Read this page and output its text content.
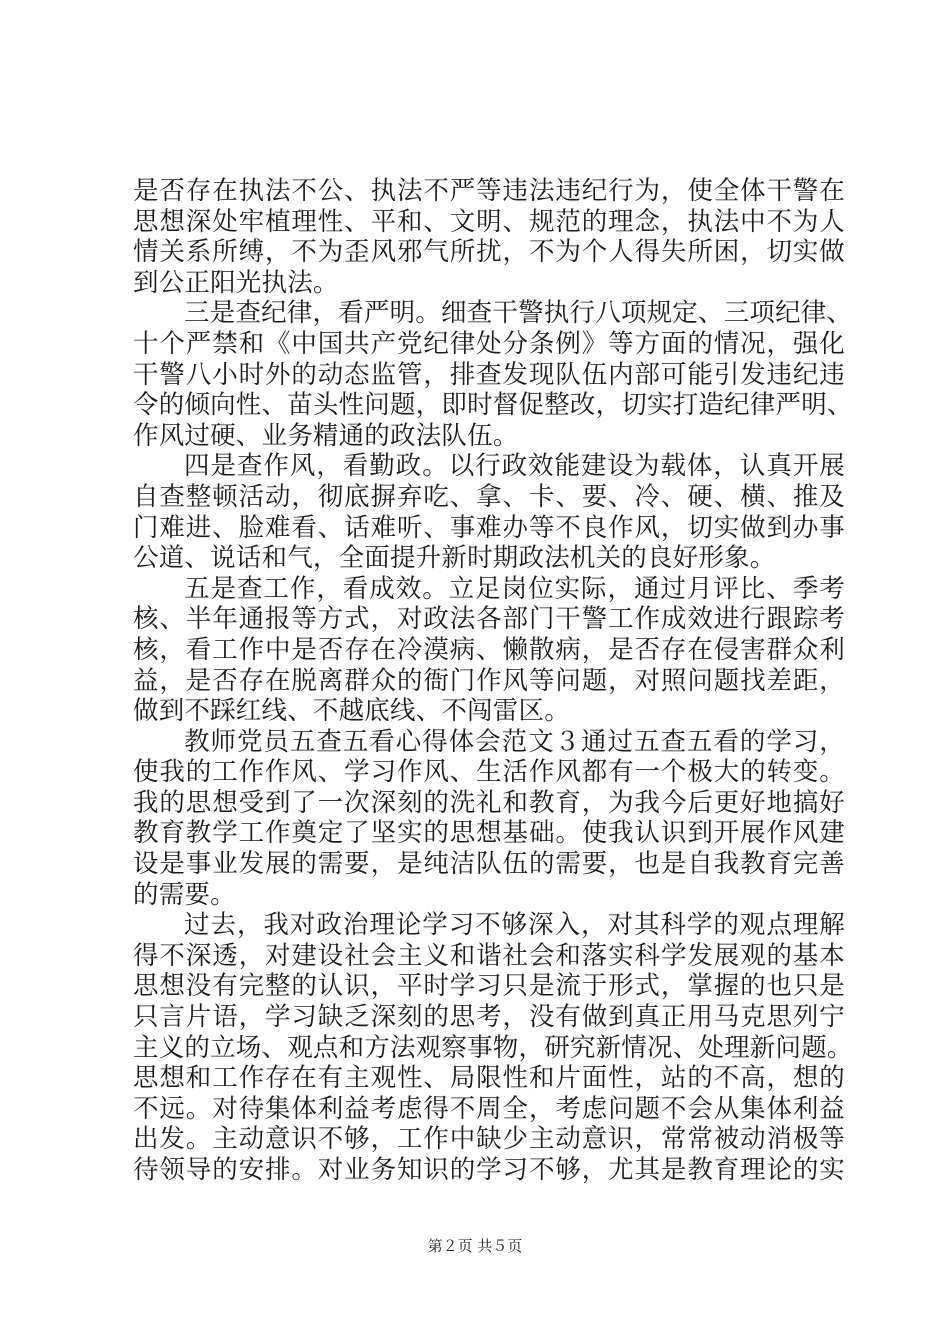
是否存在执法不公、执法不严等违法违纪行为，使全体干警在
思想深处牢植理性、平和、文明、规范的理念，执法中不为人
情关系所缚，不为歪风邪气所扰，不为个人得失所困，切实做
到公正阳光执法。
三是查纪律，看严明。细查干警执行八项规定、三项纪律、
十个严禁和《中国共产党纪律处分条例》等方面的情况，强化
干警八小时外的动态监管，排查发现队伍内部可能引发违纪违
令的倾向性、苗头性问题，即时督促整改，切实打造纪律严明、
作风过硬、业务精通的政法队伍。
四是查作风，看勤政。以行政效能建设为载体，认真开展
自查整顿活动，彻底摒弃吃、拿、卡、要、冷、硬、横、推及
门难进、脸难看、话难听、事难办等不良作风，切实做到办事
公道、说话和气，全面提升新时期政法机关的良好形象。
五是查工作，看成效。立足岗位实际，通过月评比、季考
核、半年通报等方式，对政法各部门干警工作成效进行跟踪考
核，看工作中是否存在冷漠病、懒散病，是否存在侵害群众利
益，是否存在脱离群众的衙门作风等问题，对照问题找差距，
做到不踩红线、不越底线、不闯雷区。
教师党员五查五看心得体会范文３通过五查五看的学习，
使我的工作作风、学习作风、生活作风都有一个极大的转变。
我的思想受到了一次深刻的洗礼和教育，为我今后更好地搞好
教育教学工作奠定了坚实的思想基础。使我认识到开展作风建
设是事业发展的需要，是纯洁队伍的需要，也是自我教育完善
的需要。
过去，我对政治理论学习不够深入，对其科学的观点理解
得不深透，对建设社会主义和谐社会和落实科学发展观的基本
思想没有完整的认识，平时学习只是流于形式，掌握的也只是
只言片语，学习缺乏深刻的思考，没有做到真正用马克思列宁
主义的立场、观点和方法观察事物，研究新情况、处理新问题。
思想和工作存在有主观性、局限性和片面性，站的不高，想的
不远。对待集体利益考虑得不周全，考虑问题不会从集体利益
出发。主动意识不够，工作中缺少主动意识，常常被动消极等
待领导的安排。对业务知识的学习不够，尤其是教育理论的实
第２页 共５页
